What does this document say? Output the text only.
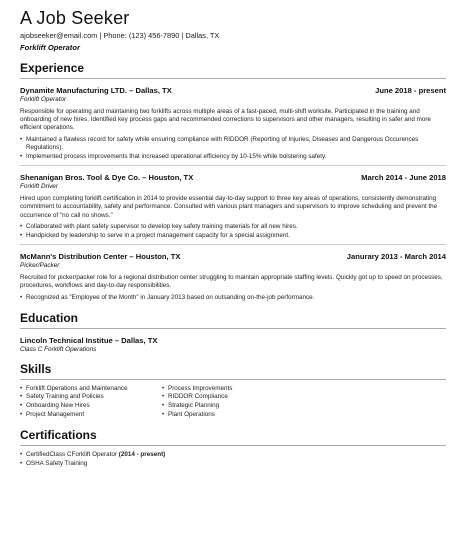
A Job Seeker
ajobseeker@email.com | Phone: (123) 456-7890 | Dallas, TX
Forklift Operator
Experience
Dynamite Manufacturing LTD. – Dallas, TX	June 2018 - present
Forklift Operator
Responsible for operating and maintaining two forklifts across multiple areas of a fast-paced, multi-shift worksite. Participated in the training and onboarding of new hires. Identified key process gaps and recommended corrections to supervisors and other managers, resulting in safer and more efficient operations.
• Maintained a flawless record for safety while ensuring compliance with RIDDOR (Reporting of Injuries, Diseases and Dangerous Occurences Regulations).
• Implemented process improvements that increased operational efficiency by 10-15% while bolstering safety.
Shenanigan Bros. Tool & Dye Co. – Houston, TX	March 2014 - June 2018
Forklift Driver
Hired upon completing forklift certification in 2014 to provide essential day-to-day support to three key areas of operations, consistently demonstrating commitment to accountability, safety and performance. Consulted with various plant managers and supervisors to improve scheduling and prevent the occurrence of "no call no shows."
• Collaborated with plant safety supervisor to develop key safety training materials for all new hires.
• Handpicked by leadership to serve in a project management capacity for a special assignment.
McMann's Distribution Center – Houston, TX	Janurary 2013 - March 2014
Picker/Packer
Recruited for picker/packer role for a regional distribution center struggling to maintain appropriate staffing levels. Quickly got up to speed on processes, procedures, workflows and day-to-day responsibilities.
• Recognized as "Employee of the Month" in January 2013 based on outsanding on-the-job performance.
Education
Lincoln Technical Institue – Dallas, TX
Class C Forklift Operations
Skills
• Forklift Operations and Maintenance	• Process Improvements
• Safety Training and Policies	• RIDDOR Compliance
• Onboarding New Hires	• Strategic Planning
• Project Management	• Plant Operations
Certifications
• CertifiedClass CForklift Operator (2014 - present)
• OSHA Safety Training
